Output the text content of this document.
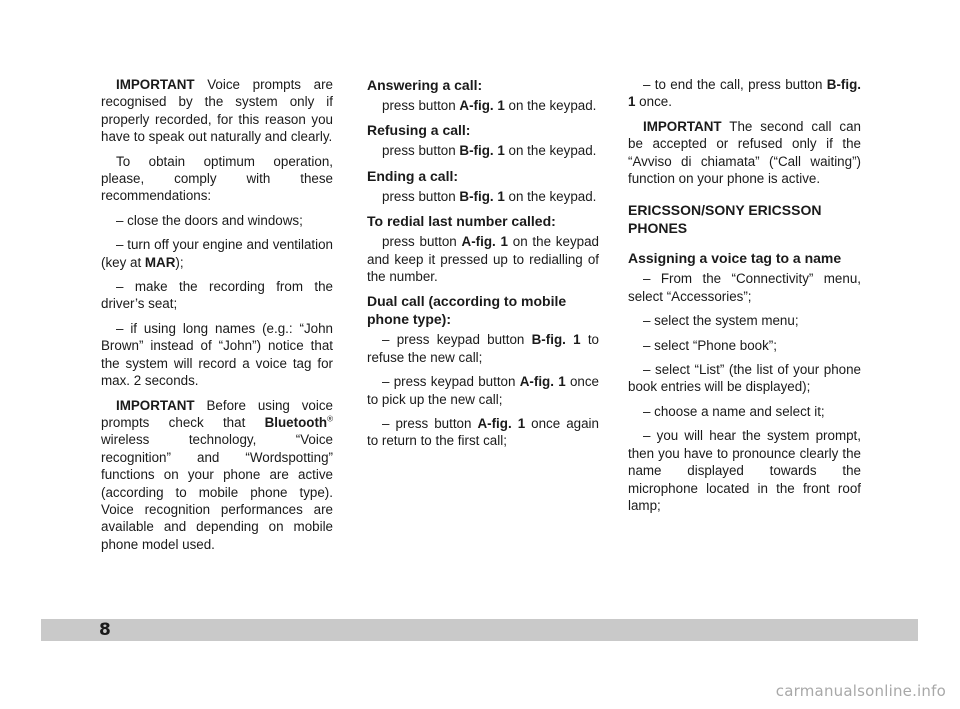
IMPORTANT Voice prompts are recognised by the system only if properly recorded, for this reason you have to speak out naturally and clearly.

To obtain optimum operation, please, comply with these recommendations:

– close the doors and windows;

– turn off your engine and ventilation (key at MAR);

– make the recording from the driver’s seat;

– if using long names (e.g.: “John Brown” instead of “John”) notice that the system will record a voice tag for max. 2 seconds.

IMPORTANT Before using voice prompts check that Bluetooth® wireless technology, “Voice recognition” and “Wordspotting” functions on your phone are active (according to mobile phone type). Voice recognition performances are available and depending on mobile phone model used.

Answering a call:

press button A-fig. 1 on the keypad.

Refusing a call:

press button B-fig. 1 on the keypad.

Ending a call:

press button B-fig. 1 on the keypad.

To redial last number called:

press button A-fig. 1 on the keypad and keep it pressed up to redialling of the number.

Dual call (according to mobile phone type):

– press keypad button B-fig. 1 to refuse the new call;

– press keypad button A-fig. 1 once to pick up the new call;

– press button A-fig. 1 once again to return to the first call;

– to end the call, press button B-fig. 1 once.

IMPORTANT The second call can be accepted or refused only if the “Avviso di chiamata” (“Call waiting”) function on your phone is active.

ERICSSON/SONY ERICSSON PHONES
Assigning a voice tag to a name

– From the “Connectivity” menu, select “Accessories”;

– select the system menu;

– select “Phone book”;

– select “List” (the list of your phone book entries will be displayed);

– choose a name and select it;

– you will hear the system prompt, then you have to pronounce clearly the name displayed towards the microphone located in the front roof lamp;

8
carmanualsonline.info
